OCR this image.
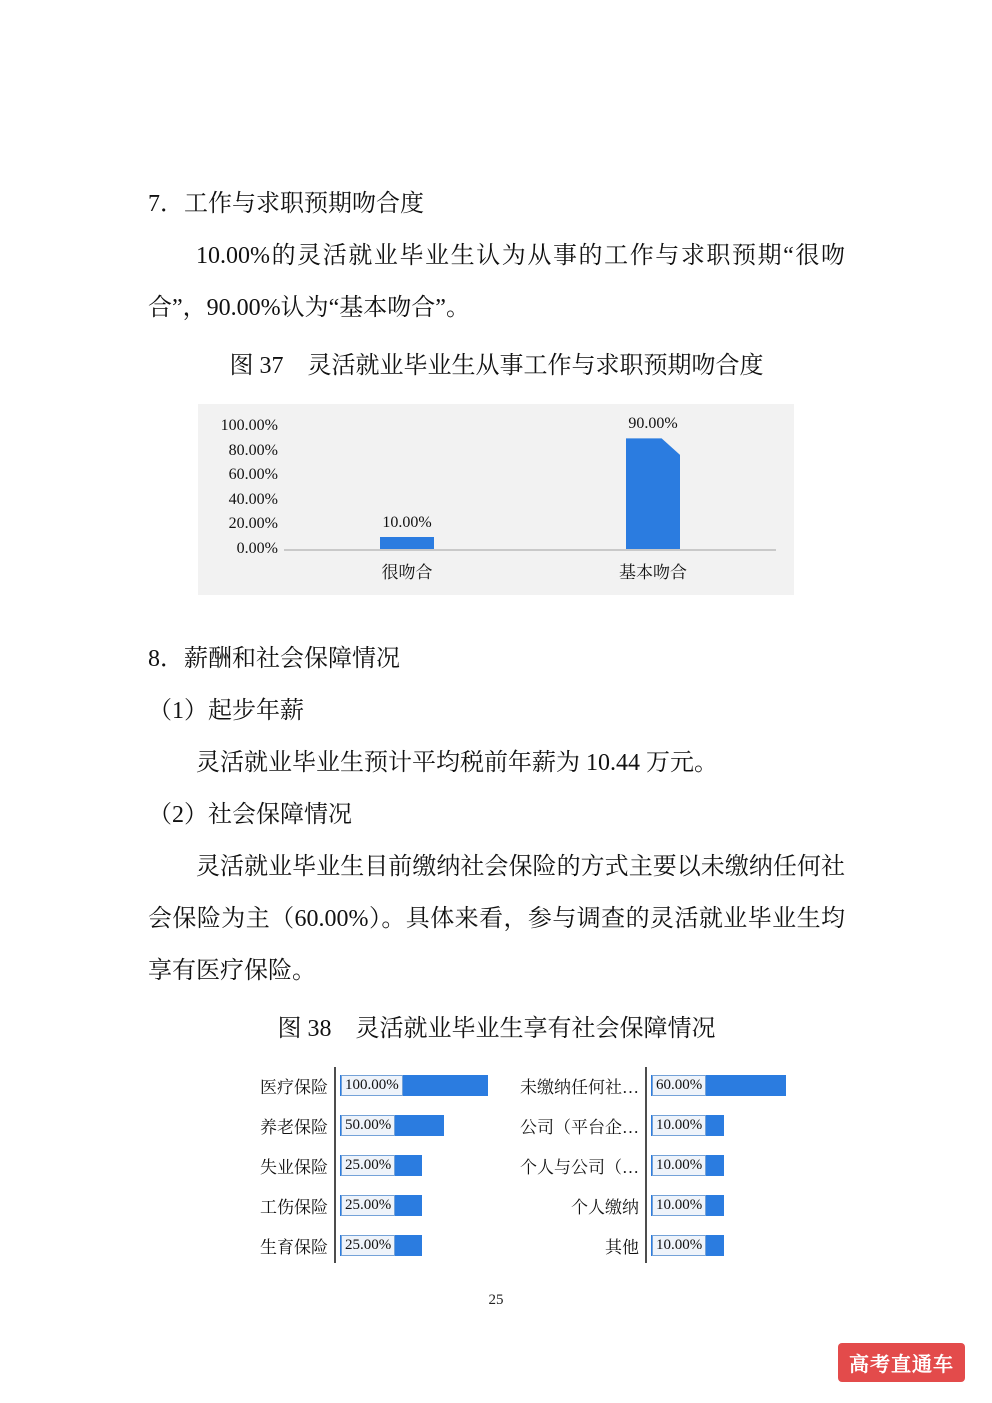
7．工作与求职预期吻合度

10.00%的灵活就业毕业生认为从事的工作与求职预期“很吻合”，90.00%认为“基本吻合”。

图 37　灵活就业毕业生从事工作与求职预期吻合度
100.00%
80.00%
60.00%
40.00%
20.00%
0.00%
10.00%
90.00%
很吻合	基本吻合
8．薪酬和社会保障情况
（1）起步年薪
灵活就业毕业生预计平均税前年薪为 10.44 万元。
（2）社会保障情况

灵活就业毕业生目前缴纳社会保险的方式主要以未缴纳任何社会保险为主（60.00%）。具体来看，参与调查的灵活就业毕业生均享有医疗保险。

图 38　灵活就业毕业生享有社会保障情况
医疗保险	100.00%
养老保险	50.00%
失业保险	25.00%
工伤保险	25.00%
生育保险	25.00%
未缴纳任何社…	60.00%
公司（平台企…	10.00%
个人与公司（…	10.00%
个人缴纳	10.00%
其他	10.00%
25
高考直通车
